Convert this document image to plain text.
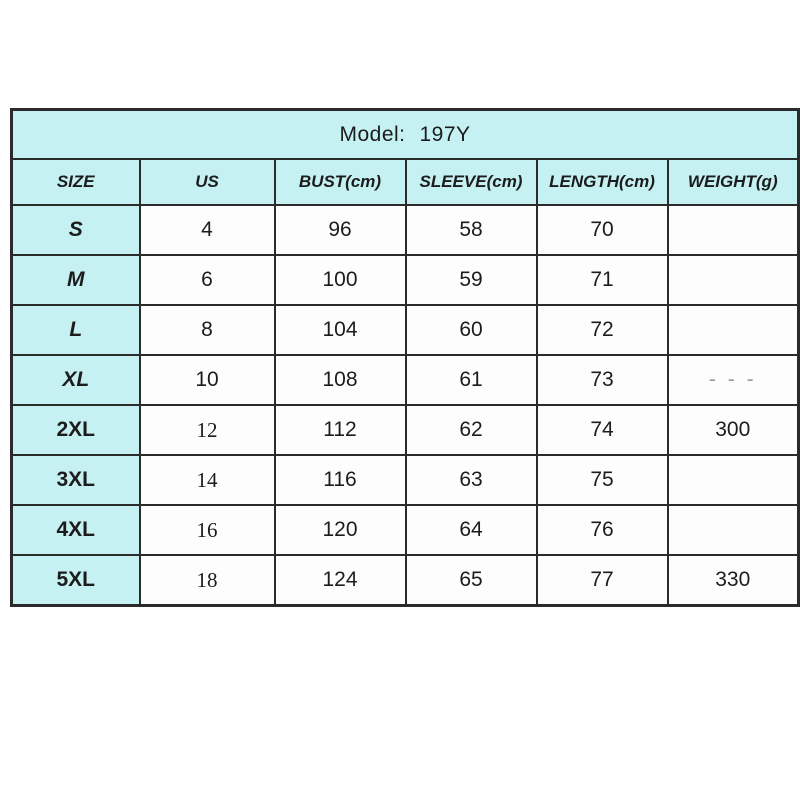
Model: 197Y					
SIZE	US	BUST(cm)	SLEEVE(cm)	LENGTH(cm)	WEIGHT(g)
S	4	96	58	70	
M	6	100	59	71	
L	8	104	60	72	
XL	10	108	61	73	- - -
2XL	12	112	62	74	300
3XL	14	116	63	75	
4XL	16	120	64	76	
5XL	18	124	65	77	330
